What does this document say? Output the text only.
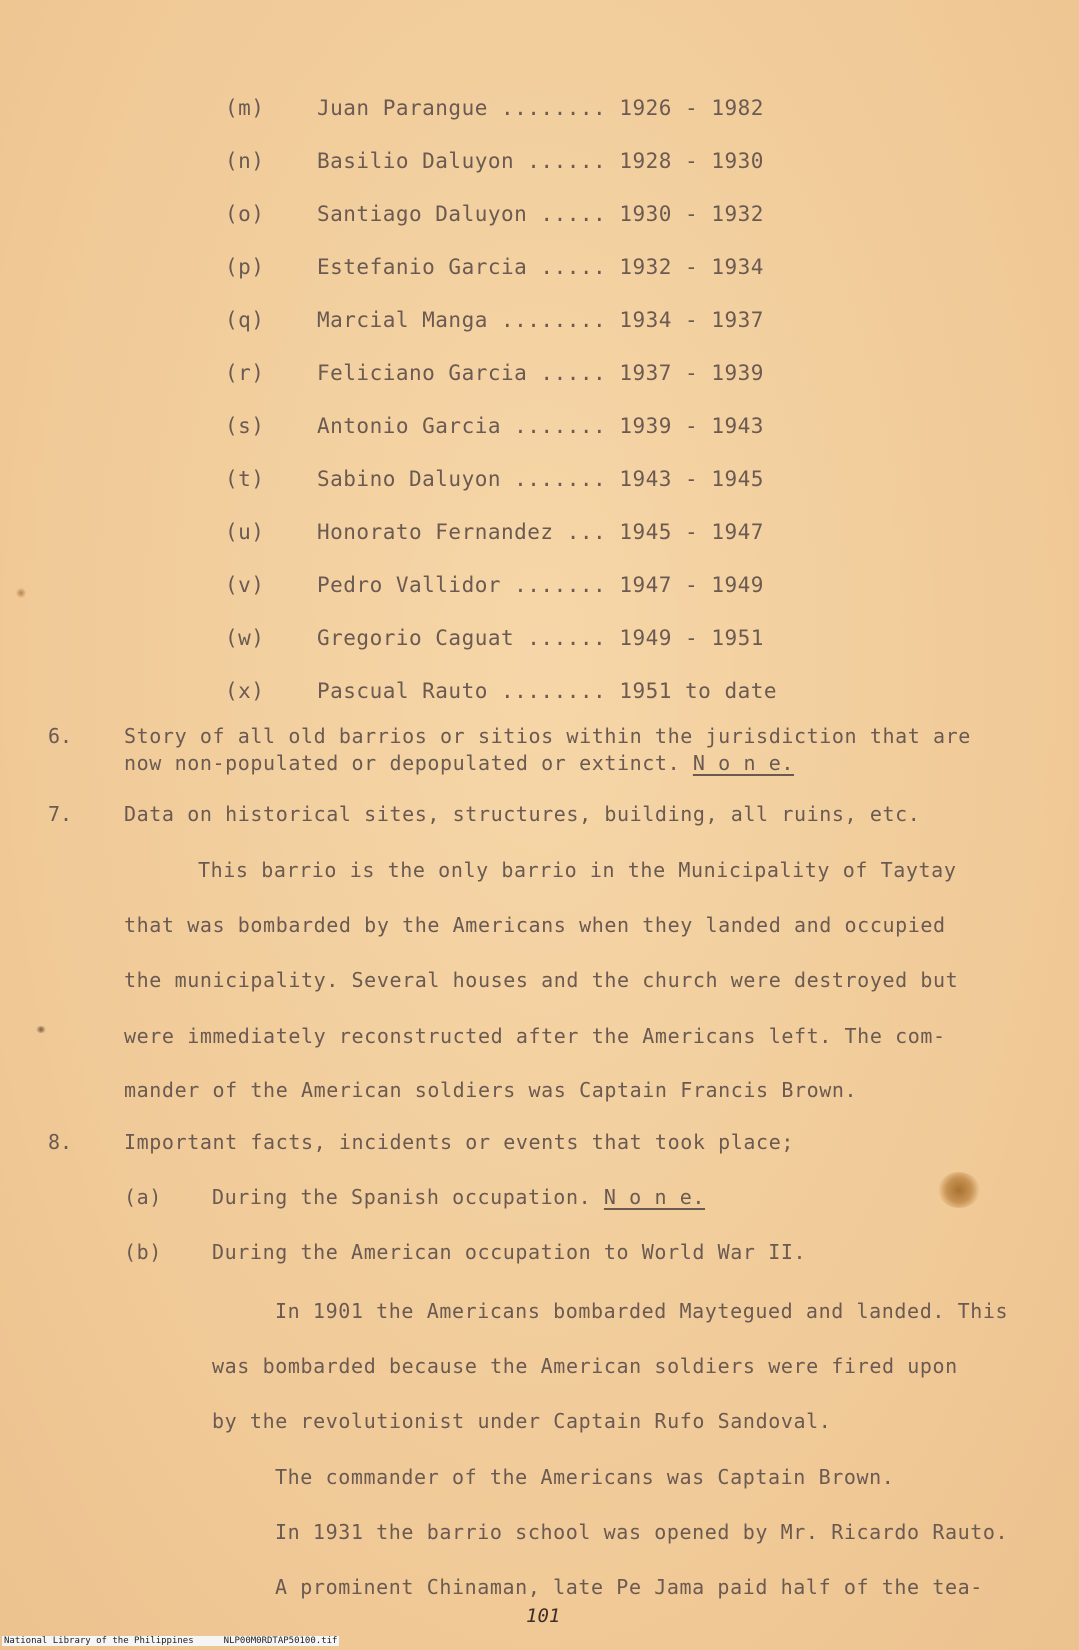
(m)	Juan Parangue ........ 1926 - 1982
(n)	Basilio Daluyon ...... 1928 - 1930
(o)	Santiago Daluyon ..... 1930 - 1932
(p)	Estefanio Garcia ..... 1932 - 1934
(q)	Marcial Manga ........ 1934 - 1937
(r)	Feliciano Garcia ..... 1937 - 1939
(s)	Antonio Garcia ....... 1939 - 1943
(t)	Sabino Daluyon ....... 1943 - 1945
(u)	Honorato Fernandez ... 1945 - 1947
(v)	Pedro Vallidor ....... 1947 - 1949
(w)	Gregorio Caguat ...... 1949 - 1951
(x)	Pascual Rauto ........ 1951 to date
6.	Story of all old barrios or sitios within the jurisdiction that are
now non-populated or depopulated or extinct. N o n e.
7.	Data on historical sites, structures, building, all ruins, etc.
This barrio is the only barrio in the Municipality of Taytay
that was bombarded by the Americans when they landed and occupied
the municipality. Several houses and the church were destroyed but
were immediately reconstructed after the Americans left. The com-
mander of the American soldiers was Captain Francis Brown.
8.	Important facts, incidents or events that took place;
(a)	During the Spanish occupation. N o n e.
(b)	During the American occupation to World War II.
In 1901 the Americans bombarded Maytegued and landed. This
was bombarded because the American soldiers were fired upon
by the revolutionist under Captain Rufo Sandoval.
The commander of the Americans was Captain Brown.
In 1931 the barrio school was opened by Mr. Ricardo Rauto.
A prominent Chinaman, late Pe Jama paid half of the tea-
101
National Library of the Philippines	NLP00M0RDTAP50100.tif
